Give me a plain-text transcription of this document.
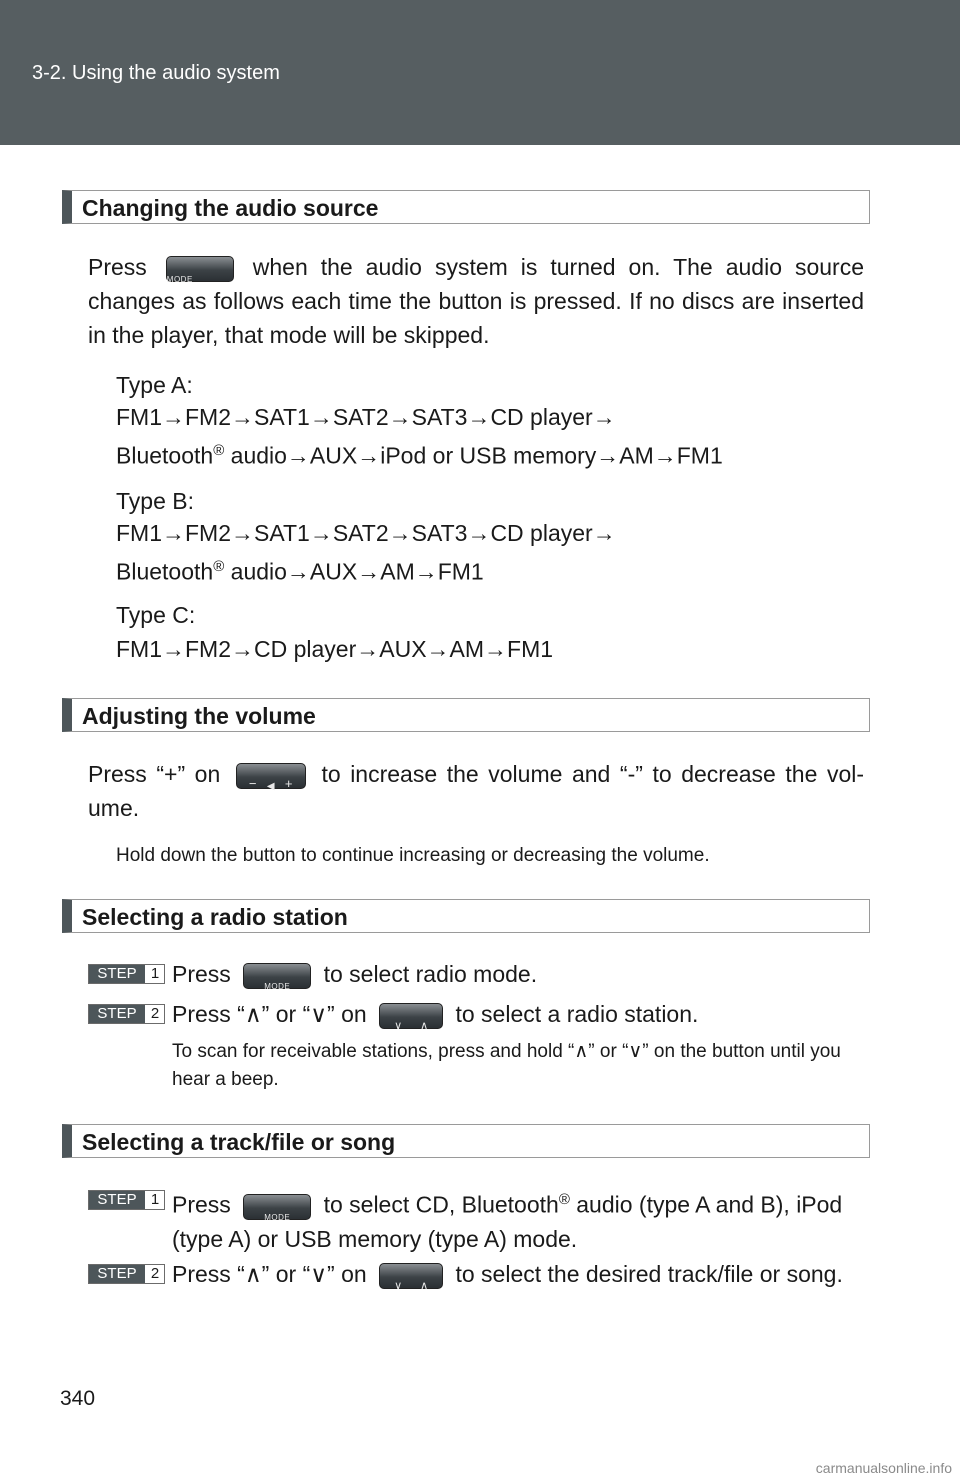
3-2. Using the audio system
Changing the audio source
Press MODE	when the audio system is turned on. The audio source changes as follows each time the button is pressed. If no discs are inserted in the player, that mode will be skipped.
Type A:
FM1→FM2→SAT1→SAT2→SAT3→CD player→
Bluetooth® audio→AUX→iPod or USB memory→AM→FM1
Type B:
FM1→FM2→SAT1→SAT2→SAT3→CD player→
Bluetooth® audio→AUX→AM→FM1
Type C:
FM1→FM2→CD player→AUX→AM→FM1
Adjusting the volume
Press “+” on − ◀ + to increase the volume and “-” to decrease the vol-ume.
Hold down the button to continue increasing or decreasing the volume.
Selecting a radio station
STEP 1 Press	MODE	to select radio mode.
STEP 2 Press “∧” or “∨” on ∨ ∧ to select a radio station.
To scan for receivable stations, press and hold “∧” or “∨” on the button until you hear a beep.
Selecting a track/file or song
STEP 1 Press	MODE	to select CD, Bluetooth® audio (type A and B), iPod (type A) or USB memory (type A) mode.
STEP 2 Press “∧” or “∨” on ∨ ∧ to select the desired track/file or song.
340
carmanualsonline.info
